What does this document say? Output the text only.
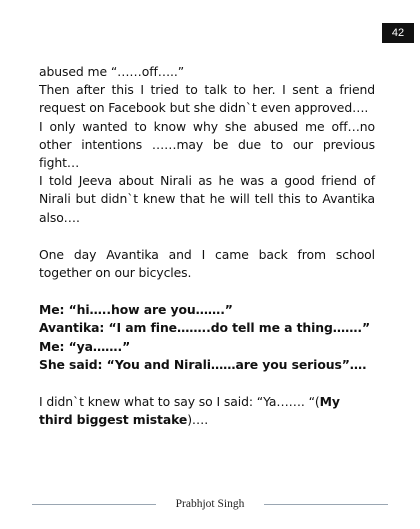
42

abused me “……off…..”

Then after this I tried to talk to her. I sent a friend request on Facebook but she didn`t even approved….

I only wanted to know why she abused me off…no other intentions ……may be due to our previous fight…

I told Jeeva about Nirali as he was a good friend of Nirali but didn`t knew that he will tell this to Avantika also….

One day Avantika and I came back from school together on our bicycles.

Me: “hi…..how are you…….”

Avantika: “I am fine……..do tell me a thing…….”

Me: “ya…….”

She said: “You and Nirali……are you serious”….

I didn`t knew what to say so I said: “Ya……. “(My third biggest mistake)….

Prabhjot Singh
